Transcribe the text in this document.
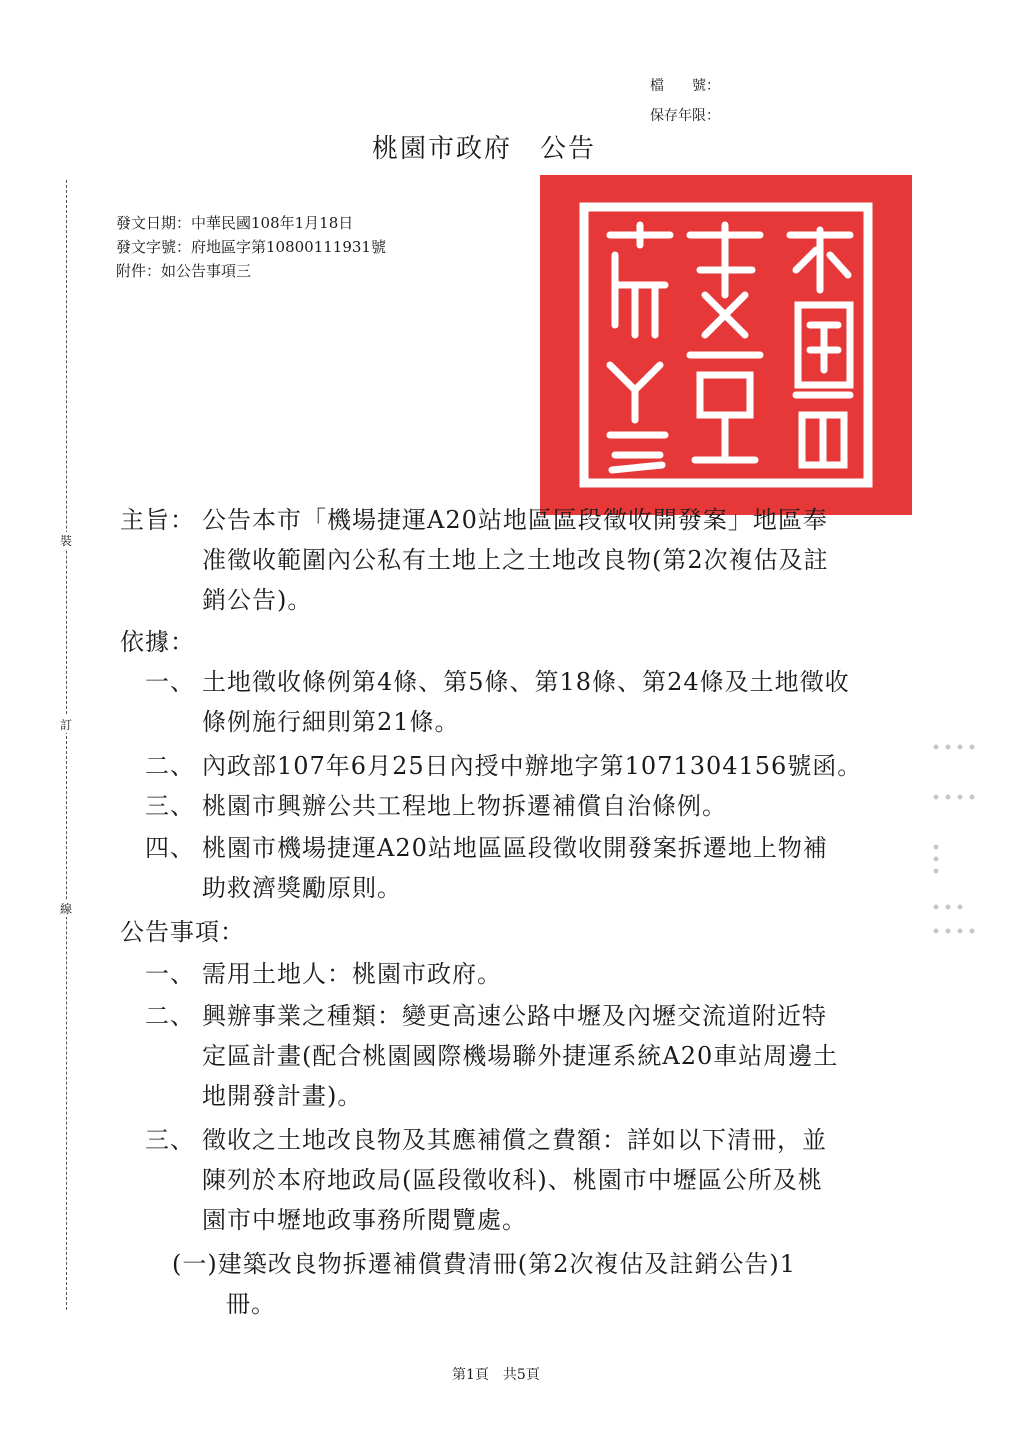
檔　　號：
保存年限：
桃園市政府　公告
裝
訂
線
發文日期：中華民國108年1月18日
發文字號：府地區字第10800111931號
附件：如公告事項三
主旨： 公告本市「機場捷運A20站地區區段徵收開發案」地區奉
准徵收範圍內公私有土地上之土地改良物(第2次複估及註
銷公告)。
依據：
一、 土地徵收條例第4條、第5條、第18條、第24條及土地徵收
條例施行細則第21條。
二、 內政部107年6月25日內授中辦地字第1071304156號函。
三、 桃園市興辦公共工程地上物拆遷補償自治條例。
四、 桃園市機場捷運A20站地區區段徵收開發案拆遷地上物補
助救濟獎勵原則。
公告事項：
一、 需用土地人：桃園市政府。
二、 興辦事業之種類：變更高速公路中壢及內壢交流道附近特
定區計畫(配合桃園國際機場聯外捷運系統A20車站周邊土
地開發計畫)。
三、 徵收之土地改良物及其應補償之費額：詳如以下清冊，並
陳列於本府地政局(區段徵收科)、桃園市中壢區公所及桃
園市中壢地政事務所閱覽處。
(一)建築改良物拆遷補償費清冊(第2次複估及註銷公告)1
冊。
第1頁　共5頁
